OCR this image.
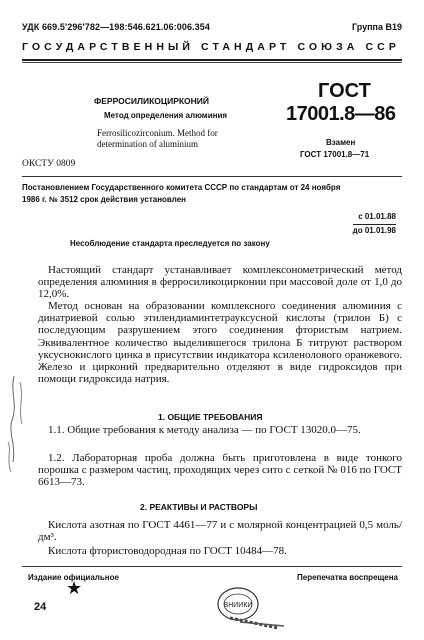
УДК 669.5'296'782—198:546.621.06:006.354	Группа В19
ГОСУДАРСТВЕННЫЙ СТАНДАРТ СОЮЗА ССР
ФЕРРОСИЛИКОЦИРКОНИЙ
Метод определения алюминия
Ferrosilicozirconium. Method for
determination of aluminium
ГОСТ
17001.8—86
Взамен
ГОСТ 17001.8—71
ОКСТУ 0809
Постановлением Государственного комитета СССР по стандартам от 24 ноября
1986 г. № 3512 срок действия установлен
с 01.01.88
до 01.01.98
Несоблюдение стандарта преследуется по закону
Настоящий стандарт устанавливает комплексонометрический метод определения алюминия в ферросиликоцирконии при массовой доле от 1,0 до 12,0%.
Метод основан на образовании комплексного соединения алюминия с динатриевой солью этилендиаминтетрауксусной кислоты (трилон Б) с последующим разрушением этого соединения фтористым натрием. Эквивалентное количество выделившегося трилона Б титруют раствором уксуснокислого цинка в присутствии индикатора ксиленолового оранжевого. Железо и цирконий предварительно отделяют в виде гидроксидов при помощи гидроксида натрия.
1. ОБЩИЕ ТРЕБОВАНИЯ
1.1. Общие требования к методу анализа — по ГОСТ 13020.0—75.
1.2. Лабораторная проба должна быть приготовлена в виде тонкого порошка с размером частиц, проходящих через сито с сеткой № 016 по ГОСТ 6613—73.
2. РЕАКТИВЫ И РАСТВОРЫ
Кислота азотная по ГОСТ 4461—77 и с молярной концентрацией 0,5 моль/дм³.
Кислота фтористоводородная по ГОСТ 10484—78.
Издание официальное	Перепечатка воспрещена
★
24	ВНИИКИ
